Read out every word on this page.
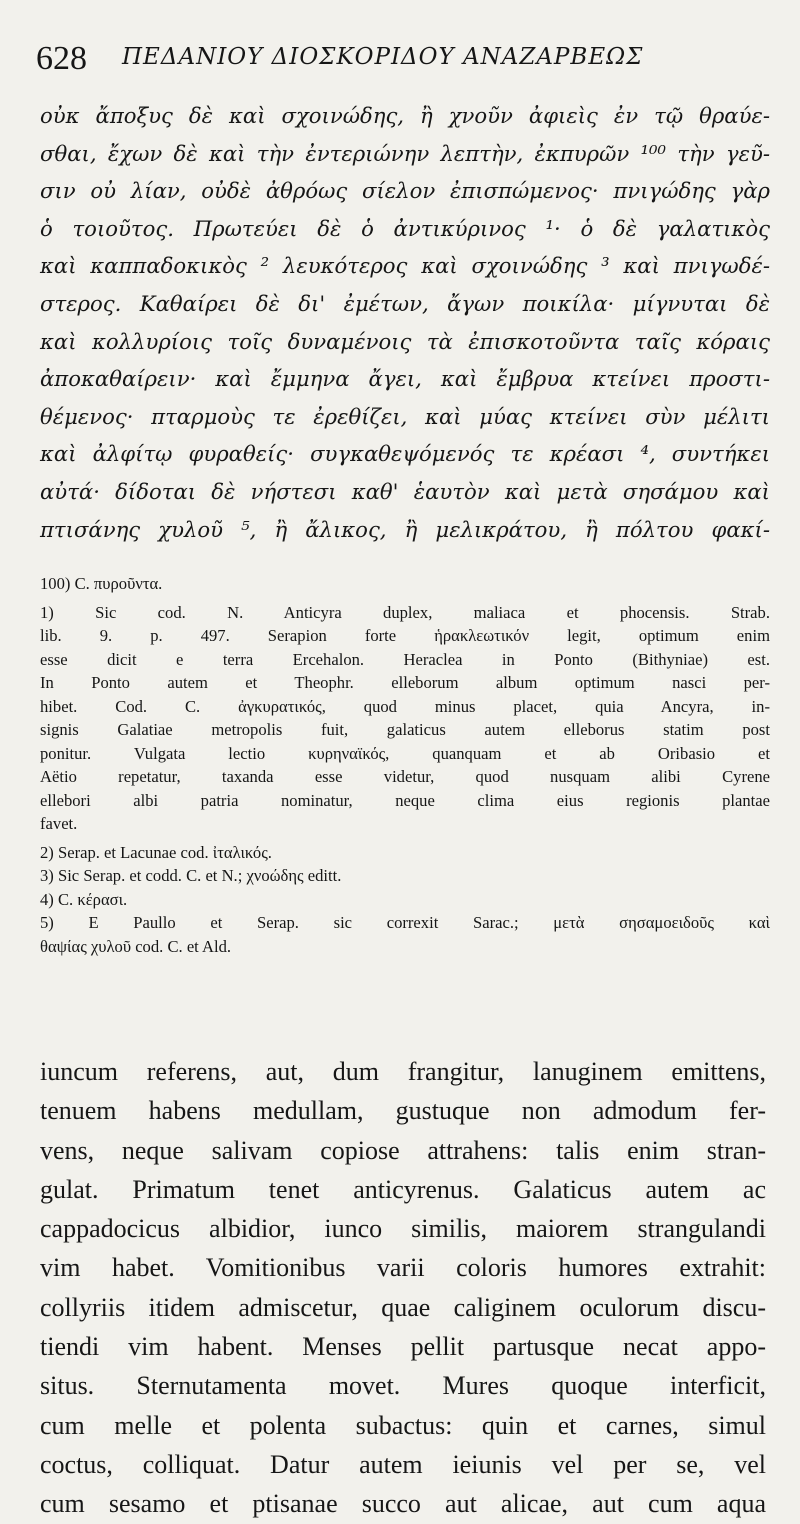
628 ΠΕΔΑΝΙΟΥ ΔΙΟΣΚΟΡΙΔΟΥ ΑΝΑΖΑΡΒΕΩΣ
οὐκ ἄποξυς δὲ καὶ σχοινώδης, ἢ χνοῦν ἀφιεὶς ἐν τῷ θραύε-
σθαι, ἔχων δὲ καὶ τὴν ἐντεριώνην λεπτὴν, ἐκπυρῶν ¹⁰⁰ τὴν γεῦ-
σιν οὐ λίαν, οὐδὲ ἀθρόως σίελον ἐπισπώμενος· πνιγώδης γὰρ
ὁ τοιοῦτος. Πρωτεύει δὲ ὁ ἀντικύρινος ¹· ὁ δὲ γαλατικὸς
καὶ καππαδοκικὸς ² λευκότερος καὶ σχοινώδης ³ καὶ πνιγωδέ-
στερος. Καθαίρει δὲ δι' ἐμέτων, ἄγων ποικίλα· μίγνυται δὲ
καὶ κολλυρίοις τοῖς δυναμένοις τὰ ἐπισκοτοῦντα ταῖς κόραις
ἀποκαθαίρειν· καὶ ἔμμηνα ἄγει, καὶ ἔμβρυα κτείνει προστι-
θέμενος· πταρμοὺς τε ἐρεθίζει, καὶ μύας κτείνει σὺν μέλιτι
καὶ ἀλφίτῳ φυραθείς· συγκαθεψόμενός τε κρέασι ⁴, συντήκει
αὐτά· δίδοται δὲ νήστεσι καθ' ἑαυτὸν καὶ μετὰ σησάμου καὶ
πτισάνης χυλοῦ ⁵, ἢ ἄλικος, ἢ μελικράτου, ἢ πόλτου φακί-
100) C. πυροῦντα.
1) Sic cod. N. Anticyra duplex, maliaca et phocensis. Strab.
lib. 9. p. 497. Serapion forte ἡρακλεωτικόν legit, optimum enim
esse dicit e terra Ercehalon. Heraclea in Ponto (Bithyniae) est.
In Ponto autem et Theophr. elleborum album optimum nasci per-
hibet. Cod. C. ἀγκυρατικός, quod minus placet, quia Ancyra, in-
signis Galatiae metropolis fuit, galaticus autem elleborus statim post
ponitur. Vulgata lectio κυρηναϊκός, quanquam et ab Oribasio et
Aëtio repetatur, taxanda esse videtur, quod nusquam alibi Cyrene
ellebori albi patria nominatur, neque clima eius regionis plantae
favet.
2) Serap. et Lacunae cod. ἰταλικός.
3) Sic Serap. et codd. C. et N.; χνοώδης editt.
4) C. κέρασι.
5) E Paullo et Serap. sic correxit Sarac.; μετὰ σησαμοειδοῦς καὶ
θαψίας χυλοῦ cod. C. et Ald.
iuncum referens, aut, dum frangitur, lanuginem emittens,
tenuem habens medullam, gustuque non admodum fer-
vens, neque salivam copiose attrahens: talis enim stran-
gulat. Primatum tenet anticyrenus. Galaticus autem ac
cappadocicus albidior, iunco similis, maiorem strangulandi
vim habet. Vomitionibus varii coloris humores extrahit:
collyriis itidem admiscetur, quae caliginem oculorum discu-
tiendi vim habent. Menses pellit partusque necat appo-
situs. Sternutamenta movet. Mures quoque interficit,
cum melle et polenta subactus: quin et carnes, simul
coctus, colliquat. Datur autem ieiunis vel per se, vel
cum sesamo et ptisanae succo aut alicae, aut cum aqua
